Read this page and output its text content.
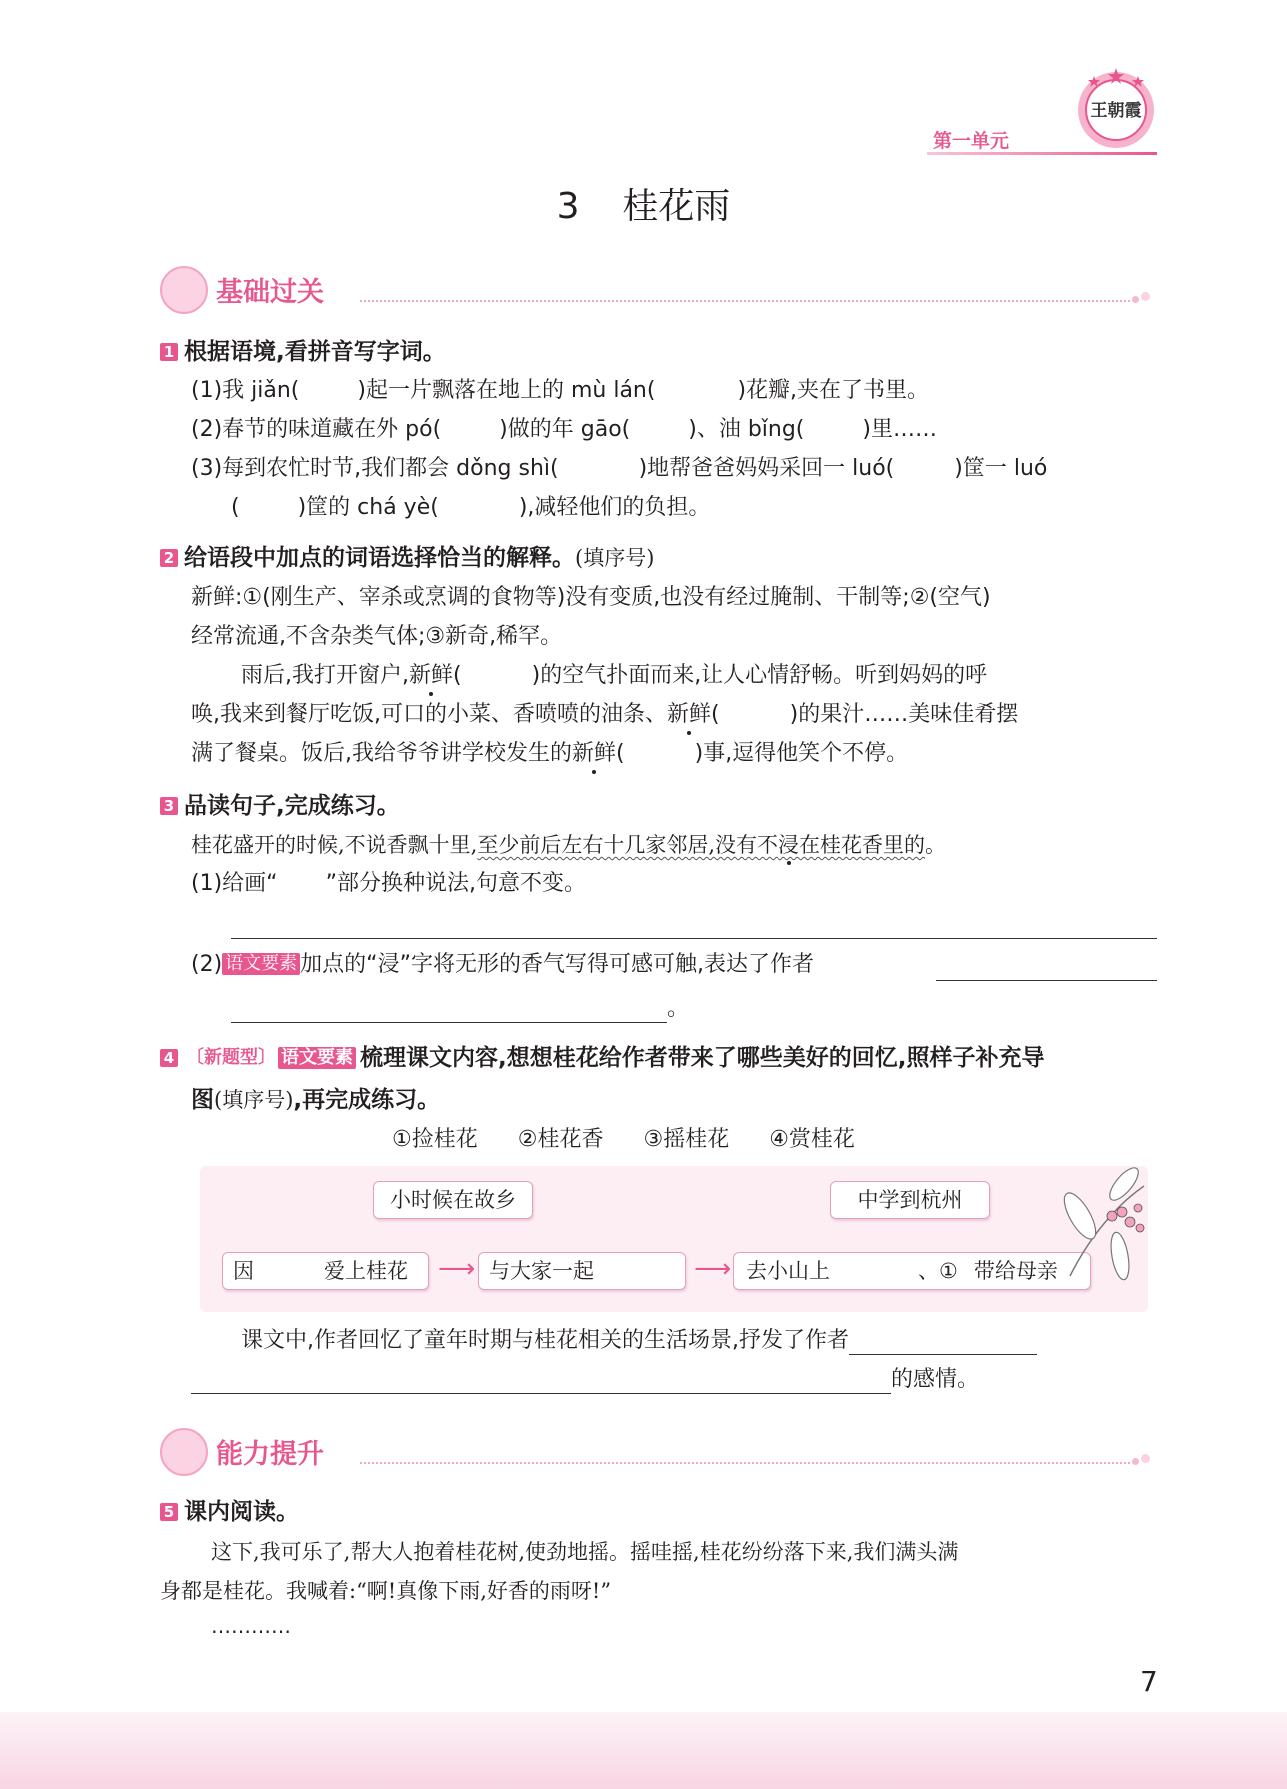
第一单元
王朝霞
3 桂花雨
基础过关
1 根据语境,看拼音写字词。
(1)我 jiǎn(	)起一片飘落在地上的 mù lán(	)花瓣,夹在了书里。
(2)春节的味道藏在外 pó(	)做的年 gāo(	)、油 bǐng(	)里……
(3)每到农忙时节,我们都会 dǒng shì(	)地帮爸爸妈妈采回一 luó(	)筐一 luó
(	)筐的 chá yè(	),减轻他们的负担。
2 给语段中加点的词语选择恰当的解释。(填序号)
新鲜:①(刚生产、宰杀或烹调的食物等)没有变质,也没有经过腌制、干制等;②(空气)
经常流通,不含杂类气体;③新奇,稀罕。
雨后,我打开窗户,新鲜(	)的空气扑面而来,让人心情舒畅。听到妈妈的呼
唤,我来到餐厅吃饭,可口的小菜、香喷喷的油条、新鲜(	)的果汁……美味佳肴摆
满了餐桌。饭后,我给爷爷讲学校发生的新鲜(	)事,逗得他笑个不停。
3 品读句子,完成练习。
桂花盛开的时候,不说香飘十里,至少前后左右十几家邻居,没有不浸在桂花香里的。
(1)给画“ ”部分换种说法,句意不变。
(2) 语文要素 加点的“浸”字将无形的香气写得可感可触,表达了作者
。
4 〔新题型〕 语文要素 梳理课文内容,想想桂花给作者带来了哪些美好的回忆,照样子补充导
图(填序号),再完成练习。
①捡桂花 ②桂花香 ③摇桂花 ④赏桂花
小时候在故乡	中学到杭州
因	爱上桂花	⟶ 与大家一起	⟶ 去小山上	、① 带给母亲
课文中,作者回忆了童年时期与桂花相关的生活场景,抒发了作者
的感情。
能力提升
5 课内阅读。
这下,我可乐了,帮大人抱着桂花树,使劲地摇。摇哇摇,桂花纷纷落下来,我们满头满
身都是桂花。我喊着:“啊!真像下雨,好香的雨呀!”
…………
7
